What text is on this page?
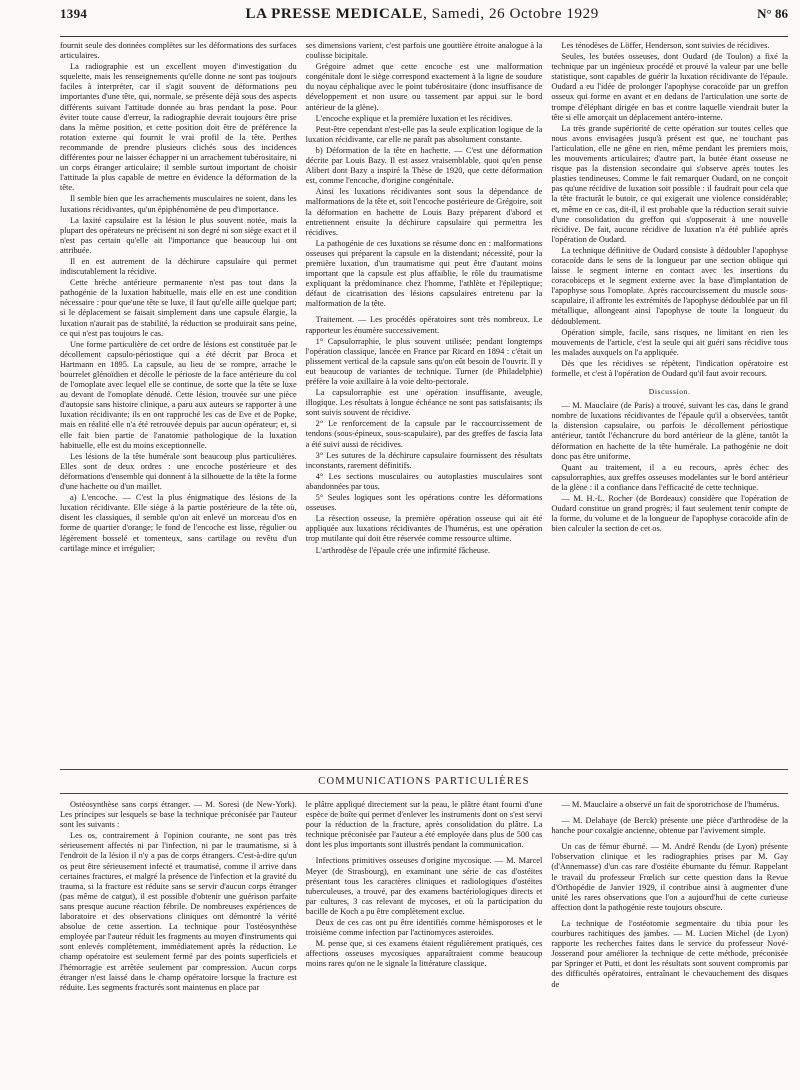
1394	LA PRESSE MEDICALE, Samedi, 26 Octobre 1929	N° 86

fournit seule des données complètes sur les déformations des surfaces articulaires.

La radiographie est un excellent moyen d'investigation du squelette, mais les renseignements qu'elle donne ne sont pas toujours faciles à interpréter, car il s'agit souvent de déformations peu importantes d'une tête, qui, normale, se présente déjà sous des aspects différents suivant l'attitude donnée au bras pendant la pose. Pour éviter toute cause d'erreur, la radiographie devrait toujours être prise dans la même position, et cette position doit être de préférence la rotation externe qui fournit le vrai profil de la tête. Perthes recommande de prendre plusieurs clichés sous des incidences différentes pour ne laisser échapper ni un arrachement tubérositaire, ni un corps étranger articulaire; il semble surtout important de choisir l'attitude la plus capable de mettre en évidence la déformation de la tête.

Il semble bien que les arrachements musculaires ne soient, dans les luxations récidivantes, qu'un épiphénomène de peu d'importance.

La laxité capsulaire est la lésion le plus souvent notée, mais la plupart des opérateurs ne précisent ni son degré ni son siège exact et il n'est pas certain qu'elle ait l'importance que beaucoup lui ont attribuée.

Il en est autrement de la déchirure capsulaire qui permet indiscutablement la récidive.

Cette brèche antérieure permanente n'est pas tout dans la pathogénie de la luxation habituelle, mais elle en est une condition nécessaire : pour que'une tête se luxe, il faut qu'elle aille quelque part; si le déplacement se faisait simplement dans une capsule élargie, la luxation n'aurait pas de stabilité, la réduction se produirait sans peine, ce qui n'est pas toujours le cas.

Une forme particulière de cet ordre de lésions est constituée par le décollement capsulo-périostique qui a été décrit par Broca et Hartmann en 1895. La capsule, au lieu de se rompre, arrache le bourrelet glénoïdien et décolle le périoste de la face antérieure du col de l'omoplate avec lequel elle se continue, de sorte que la tête se luxe au devant de l'omoplate dénudé. Cette lésion, trouvée sur une pièce d'autopsie sans histoire clinique, a paru aux auteurs se rapporter à une luxation récidivante; ils en ont rapproché les cas de Eve et de Popke, mais en réalité elle n'a été retrouvée depuis par aucun opérateur; et, si elle fait bien partie de l'anatomie pathologique de la luxation habituelle, elle est du moins exceptionnelle.

Les lésions de la tête humérale sont beaucoup plus particulières. Elles sont de deux ordres : une encoche postérieure et des déformations d'ensemble qui donnent à la silhouette de la tête la forme d'une hachette ou d'un maillet.

a) L'encoche. — C'est la plus énigmatique des lésions de la luxation récidivante. Elle siège à la partie postérieure de la tête où, disent les classiques, il semble qu'on ait enlevé un morceau d'os en forme de quartier d'orange; le fond de l'encoche est lisse, régulier ou légèrement bosselé et tomenteux, sans cartilage ou revêtu d'un cartilage mince et irrégulier;

ses dimensions varient, c'est parfois une gouttière étroite analogue à la coulisse bicipitale.

Grégoire admet que cette encoche est une malformation congénitale dont le siège correspond exactement à la ligne de soudure du noyau céphalique avec le point tubérositaire (donc insuffisance de développement et non usure ou tassement par appui sur le bord antérieur de la glène).

L'encoche explique et la première luxation et les récidives.

Peut-être cependant n'est-elle pas la seule explication logique de la luxation récidivante, car elle ne paraît pas absolument constante.

b) Déformation de la tête en hachette. — C'est une déformation décrite par Louis Bazy. Il est assez vraisemblable, quoi qu'en pense Alibert dont Bazy a inspiré la Thèse de 1920, que cette déformation est, comme l'encoche, d'origine congénitale.

Ainsi les luxations récidivantes sont sous la dépendance de malformations de la tête et, soit l'encoche postérieure de Grégoire, soit la déformation en hachette de Louis Bazy préparent d'abord et entretiennent ensuite la déchirure capsulaire qui permettra les récidives.

La pathogénie de ces luxations se résume donc en : malformations osseuses qui préparent la capsule en la distendant; nécessité, pour la première luxation, d'un traumatisme qui peut être d'autant moins important que la capsule est plus affaiblie, le rôle du traumatisme expliquant la prédominance chez l'homme, l'athlète et l'épileptique; défaut de cicatrisation des lésions capsulaires entretenu par la malformation de la tête.

Traitement. — Les procédés opératoires sont très nombreux. Le rapporteur les énumère successivement.

1° Capsulorraphie, le plus souvent utilisée; pendant longtemps l'opération classique, lancée en France par Ricard en 1894 : c'était un plissement vertical de la capsule sans qu'on eût besoin de l'ouvrir. Il y eut beaucoup de variantes de technique. Turner (de Philadelphie) préfère la voie axillaire à la voie delto-pectorale.

La capsulorraphie est une opération insuffisante, aveugle, illogique. Les résultats à longue échéance ne sont pas satisfaisants; ils sont suivis souvent de récidive.

2° Le renforcement de la capsule par le raccourcissement de tendons (sous-épineux, sous-scapulaire), par des greffes de fascia lata a été suivi aussi de récidives.

3° Les sutures de la déchirure capsulaire fournissent des résultats inconstants, rarement définitifs.

4° Les sections musculaires ou autoplasties musculaires sont abandonnées par tous.

5° Seules logiques sont les opérations contre les déformations osseuses.

La résection osseuse, la première opération osseuse qui ait été appliquée aux luxations récidivantes de l'humérus, est une opération trop mutilante qui doit être réservée comme ressource ultime.

L'arthrodèse de l'épaule crée une infirmité fâcheuse.

Les ténodèses de Löffer, Henderson, sont suivies de récidives.

Seules, les butées osseuses, dont Oudard (de Toulon) a fixé la technique par un ingénieux procédé et prouvé la valeur par une belle statistique, sont capables de guérir la luxation récidivante de l'épaule. Oudard a eu l'idée de prolonger l'apophyse coracoïde par un greffon osseux qui forme en avant et en dedans de l'articulation une sorte de trompe d'éléphant dirigée en bas et contre laquelle viendrait buter la tête si elle amorçait un déplacement antéro-interne.

La très grande supériorité de cette opération sur toutes celles que nous avons envisagées jusqu'à présent est que, ne touchant pas l'articulation, elle ne gêne en rien, même pendant les premiers mois, les mouvements articulaires; d'autre part, la butée étant osseuse ne risque pas la distension secondaire qui s'observe après toutes les plasties tendineuses. Comme le fait remarquer Oudard, on ne conçoit pas qu'une récidive de luxation soit possible : il faudrait pour cela que la tête fracturât le butoir, ce qui exigerait une violence considérable; et, même en ce cas, dit-il, il est probable que la réduction serait suivie d'une consolidation du greffon qui s'opposerait à une nouvelle récidive. De fait, aucune récidive de luxation n'a été publiée après l'opération de Oudard.

La technique définitive de Oudard consiste à dédoubler l'apophyse coracoïde dans le sens de la longueur par une section oblique qui laisse le segment interne en contact avec les insertions du coracobiceps et le segment externe avec la base d'implantation de l'apophyse sous l'omoplate. Après raccourcissement du muscle sous-scapulaire, il affronte les extrémités de l'apophyse dédoublée par un fil métallique, allongeant ainsi l'apophyse de toute la longueur du dédoublement.

Opération simple, facile, sans risques, ne limitant en rien les mouvements de l'article, c'est la seule qui ait guéri sans récidive tous les malades auxquels on l'a appliquée.

Dès que les récidives se répètent, l'indication opératoire est formelle, et c'est à l'opération de Oudard qu'il faut avoir recours.

Discussion.

— M. Mauclaire (de Paris) a trouvé, suivant les cas, dans le grand nombre de luxations récidivantes de l'épaule qu'il a observées, tantôt la distension capsulaire, ou parfois le décollement périostique antérieur, tantôt l'échancrure du bord antérieur de la glène, tantôt la déformation en hachette de la tête humérale. La pathogénie ne doit donc pas être uniforme.

Quant au traitement, il a eu recours, après échec des capsulorraphies, aux greffes osseuses modelantes sur le bord antérieur de la glène : il a confiance dans l'efficacité de cette technique.

— M. H.-L. Rocher (de Bordeaux) considère que l'opération de Oudard constitue un grand progrès; il faut seulement tenir compte de la forme, du volume et de la longueur de l'apophyse coracoïde afin de bien calculer la section de cet os.

COMMUNICATIONS PARTICULIÈRES

Ostéosynthèse sans corps étranger. — M. Soresi (de New-York). Les principes sur lesquels se base la technique préconisée par l'auteur sont les suivants :

Les os, contrairement à l'opinion courante, ne sont pas très sérieusement affectés ni par l'infection, ni par le traumatisme, si à l'endroit de la lésion il n'y a pas de corps étrangers. C'est-à-dire qu'un os peut être sérieusement infecté et traumatisé, comme il arrive dans certaines fractures, et malgré la présence de l'infection et la gravité du trauma, si la fracture est réduite sans se servir d'aucun corps étranger (pas même de catgut), il est possible d'obtenir une guérison parfaite sans presque aucune réaction fébrile. De nombreuses expériences de laboratoire et des observations cliniques ont démontré la vérité absolue de cette assertion. La technique pour l'ostéosynthèse employée par l'auteur réduit les fragments au moyen d'instruments qui sont enlevés complètement, immédiatement après la réduction. Le champ opératoire est seulement fermé par des points superficiels et l'hémorragie est arrêtée seulement par compression. Aucun corps étranger n'est laissé dans le champ opératoire lorsque la fracture est réduite. Les segments fracturés sont maintenus en place par

le plâtre appliqué directement sur la peau, le plâtre étant fourni d'une espèce de boîte qui permet d'enlever les instruments dont on s'est servi pour la réduction de la fracture, après consolidation du plâtre. La technique préconisée par l'auteur a été employée dans plus de 500 cas dont les plus importants sont illustrés pendant la communication.

Infections primitives osseuses d'origine mycosique. — M. Marcel Meyer (de Strasbourg), en examinant une série de cas d'ostéites présentant tous les caractères cliniques et radiologiques d'ostéites tuberculeuses, a trouvé, par des examens bactériologiques directs et par cultures, 3 cas relevant de mycoses, et où la participation du bacille de Koch a pu être complètement exclue.

Deux de ces cas ont pu être identifiés comme hémisporoses et le troisième comme infection par l'actinomyces asteroides.

M. pense que, si ces examens étaient régulièrement pratiqués, ces affections osseuses mycosiques apparaîtraient comme beaucoup moins rares qu'on ne le signale la littérature classique.

— M. Mauclaire a observé un fait de sporotrichose de l'humérus.

— M. Delahaye (de Berck) présente une pièce d'arthrodèse de la hanche pour coxalgie ancienne, obtenue par l'avivement simple.

Un cas de fémur éburné. — M. André Rendu (de Lyon) présente l'observation clinique et les radiographies prises par M. Gay (d'Annemasse) d'un cas rare d'ostéite éburnante du fémur. Rappelant le travail du professeur Frœlich sur cette question dans la Revue d'Orthopédie de Janvier 1929, il contribue ainsi à augmenter d'une unité les rares observations que l'on a aujourd'hui de cette curieuse affection dont la pathogénie reste toujours obscure.

La technique de l'ostéotomie segmentaire du tibia pour les courbures rachitiques des jambes. — M. Lucien Michel (de Lyon) rapporte les recherches faites dans le service du professeur Nové-Josserand pour améliorer la technique de cette méthode, préconisée par Springer et Putti, et dont les résultats sont souvent compromis par des difficultés opératoires, entraînant le chevauchement des disques de
